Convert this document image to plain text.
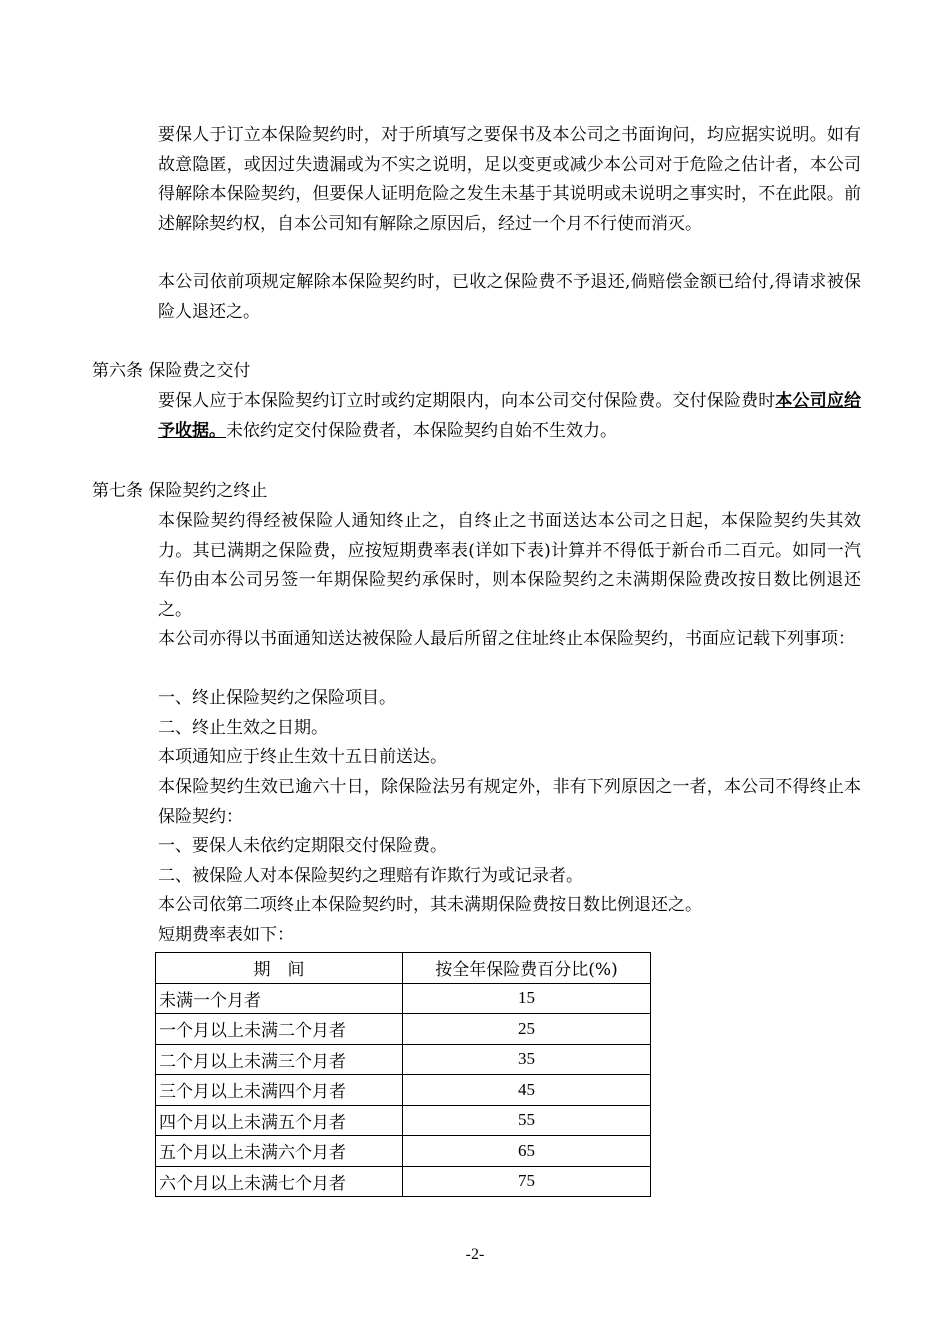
要保人于订立本保险契约时，对于所填写之要保书及本公司之书面询问，均应据实说明。如有故意隐匿，或因过失遗漏或为不实之说明，足以变更或减少本公司对于危险之估计者，本公司得解除本保险契约，但要保人证明危险之发生未基于其说明或未说明之事实时，不在此限。前述解除契约权，自本公司知有解除之原因后，经过一个月不行使而消灭。

本公司依前项规定解除本保险契约时，已收之保险费不予退还,倘赔偿金额已给付,得请求被保险人退还之。

第六条 保险费之交付

要保人应于本保险契约订立时或约定期限内，向本公司交付保险费。交付保险费时本公司应给予收据。未依约定交付保险费者，本保险契约自始不生效力。

第七条 保险契约之终止

本保险契约得经被保险人通知终止之，自终止之书面送达本公司之日起，本保险契约失其效力。其已满期之保险费，应按短期费率表(详如下表)计算并不得低于新台币二百元。如同一汽车仍由本公司另签一年期保险契约承保时，则本保险契约之未满期保险费改按日数比例退还之。

本公司亦得以书面通知送达被保险人最后所留之住址终止本保险契约，书面应记载下列事项：

一、终止保险契约之保险项目。

二、终止生效之日期。

本项通知应于终止生效十五日前送达。

本保险契约生效已逾六十日，除保险法另有规定外，非有下列原因之一者，本公司不得终止本保险契约：

一、要保人未依约定期限交付保险费。

二、被保险人对本保险契约之理赔有诈欺行为或记录者。

本公司依第二项终止本保险契约时，其未满期保险费按日数比例退还之。

短期费率表如下：

期　间	按全年保险费百分比(%)
未满一个月者	15
一个月以上未满二个月者	25
二个月以上未满三个月者	35
三个月以上未满四个月者	45
四个月以上未满五个月者	55
五个月以上未满六个月者	65
六个月以上未满七个月者	75
-2-
